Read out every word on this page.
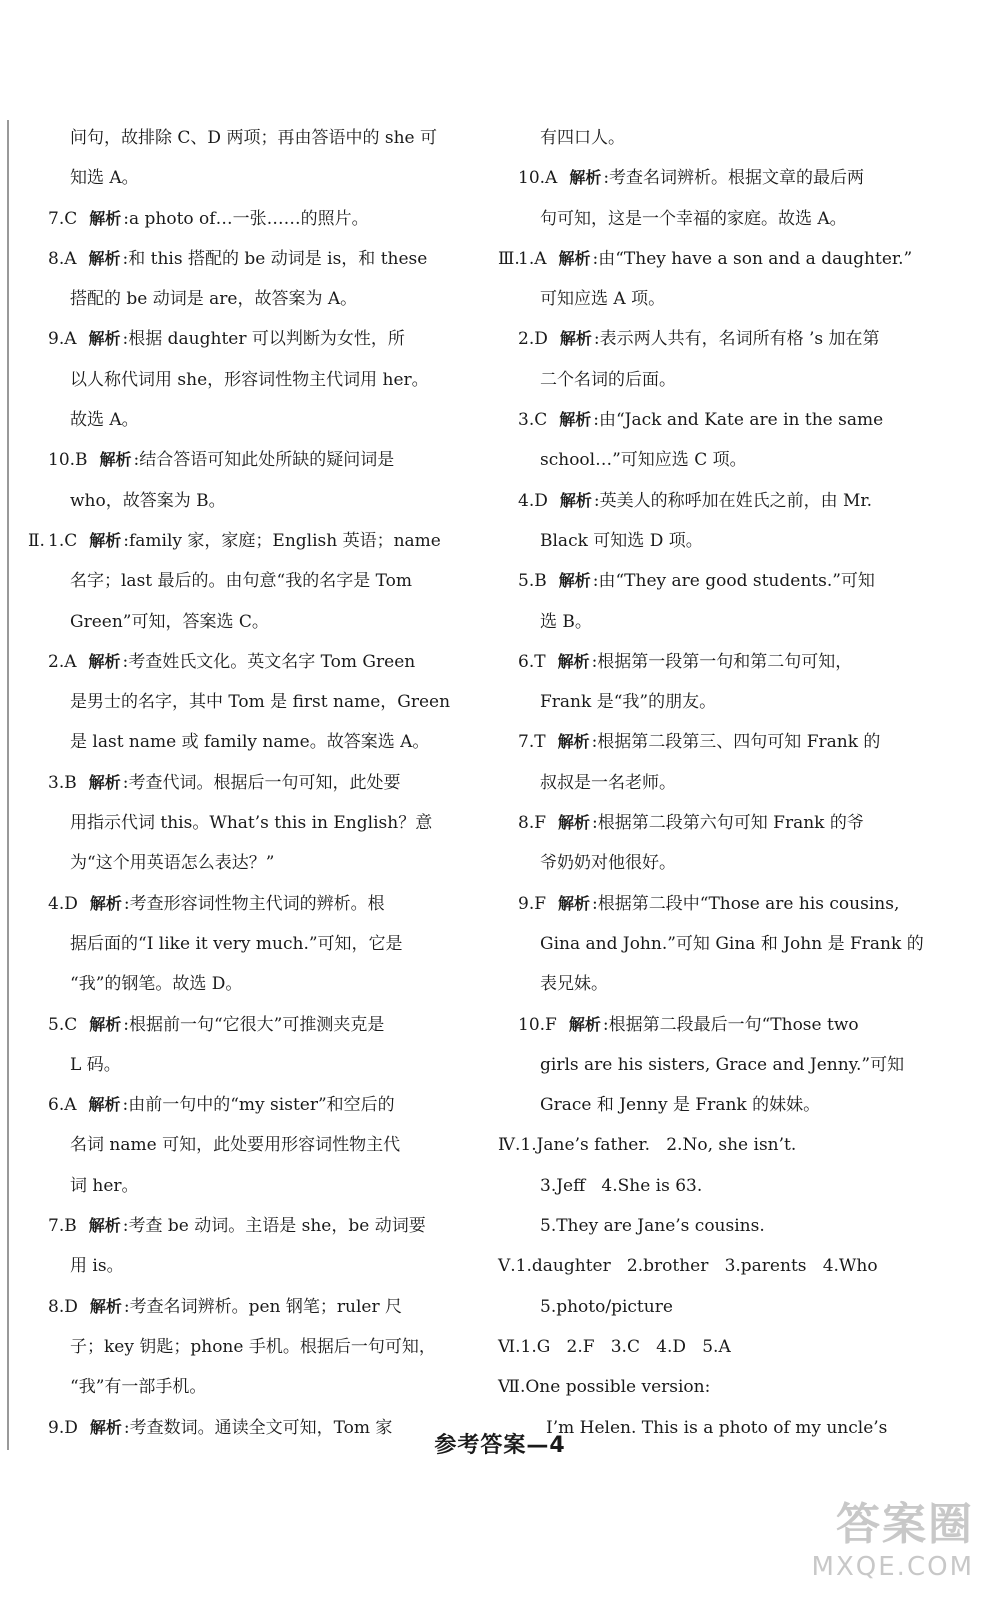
问句，故排除 C、D 两项；再由答语中的 she 可
知选 A。
7.C 解析 :a photo of…一张……的照片。
8.A 解析 :和 this 搭配的 be 动词是 is，和 these
搭配的 be 动词是 are，故答案为 A。
9.A 解析 :根据 daughter 可以判断为女性，所
以人称代词用 she，形容词性物主代词用 her。
故选 A。
10.B 解析 :结合答语可知此处所缺的疑问词是
who，故答案为 B。
Ⅱ. 1.C 解析 :family 家，家庭；English 英语；name
名字；last 最后的。由句意“我的名字是 Tom
Green”可知，答案选 C。
2.A 解析 :考查姓氏文化。英文名字 Tom Green
是男士的名字，其中 Tom 是 first name，Green
是 last name 或 family name。故答案选 A。
3.B 解析 :考查代词。根据后一句可知，此处要
用指示代词 this。What’s this in English？意
为“这个用英语怎么表达？”
4.D 解析 :考查形容词性物主代词的辨析。根
据后面的“I like it very much.”可知，它是
“我”的钢笔。故选 D。
5.C 解析 :根据前一句“它很大”可推测夹克是
L 码。
6.A 解析 :由前一句中的“my sister”和空后的
名词 name 可知，此处要用形容词性物主代
词 her。
7.B 解析 :考查 be 动词。主语是 she，be 动词要
用 is。
8.D 解析 :考查名词辨析。pen 钢笔；ruler 尺
子；key 钥匙；phone 手机。根据后一句可知，
“我”有一部手机。
9.D 解析 :考查数词。通读全文可知，Tom 家
有四口人。
10.A 解析 :考查名词辨析。根据文章的最后两
句可知，这是一个幸福的家庭。故选 A。
Ⅲ.1.A 解析 :由“They have a son and a daughter.”
可知应选 A 项。
2.D 解析 :表示两人共有，名词所有格 ’s 加在第
二个名词的后面。
3.C 解析 :由“Jack and Kate are in the same
school…”可知应选 C 项。
4.D 解析 :英美人的称呼加在姓氏之前，由 Mr.
Black 可知选 D 项。
5.B 解析 :由“They are good students.”可知
选 B。
6.T 解析 :根据第一段第一句和第二句可知，
Frank 是“我”的朋友。
7.T 解析 :根据第二段第三、四句可知 Frank 的
叔叔是一名老师。
8.F 解析 :根据第二段第六句可知 Frank 的爷
爷奶奶对他很好。
9.F 解析 :根据第二段中“Those are his cousins,
Gina and John.”可知 Gina 和 John 是 Frank 的
表兄妹。
10.F 解析 :根据第二段最后一句“Those two
girls are his sisters, Grace and Jenny.”可知
Grace 和 Jenny 是 Frank 的妹妹。
Ⅳ.1.Jane’s father.   2.No, she isn’t.
3.Jeff   4.She is 63.
5.They are Jane’s cousins.
Ⅴ.1.daughter   2.brother   3.parents   4.Who
5.photo/picture
Ⅵ.1.G   2.F   3.C   4.D   5.A
Ⅶ.One possible version:
I’m Helen. This is a photo of my uncle’s
参考答案—4
答案圈
MXQE.COM
